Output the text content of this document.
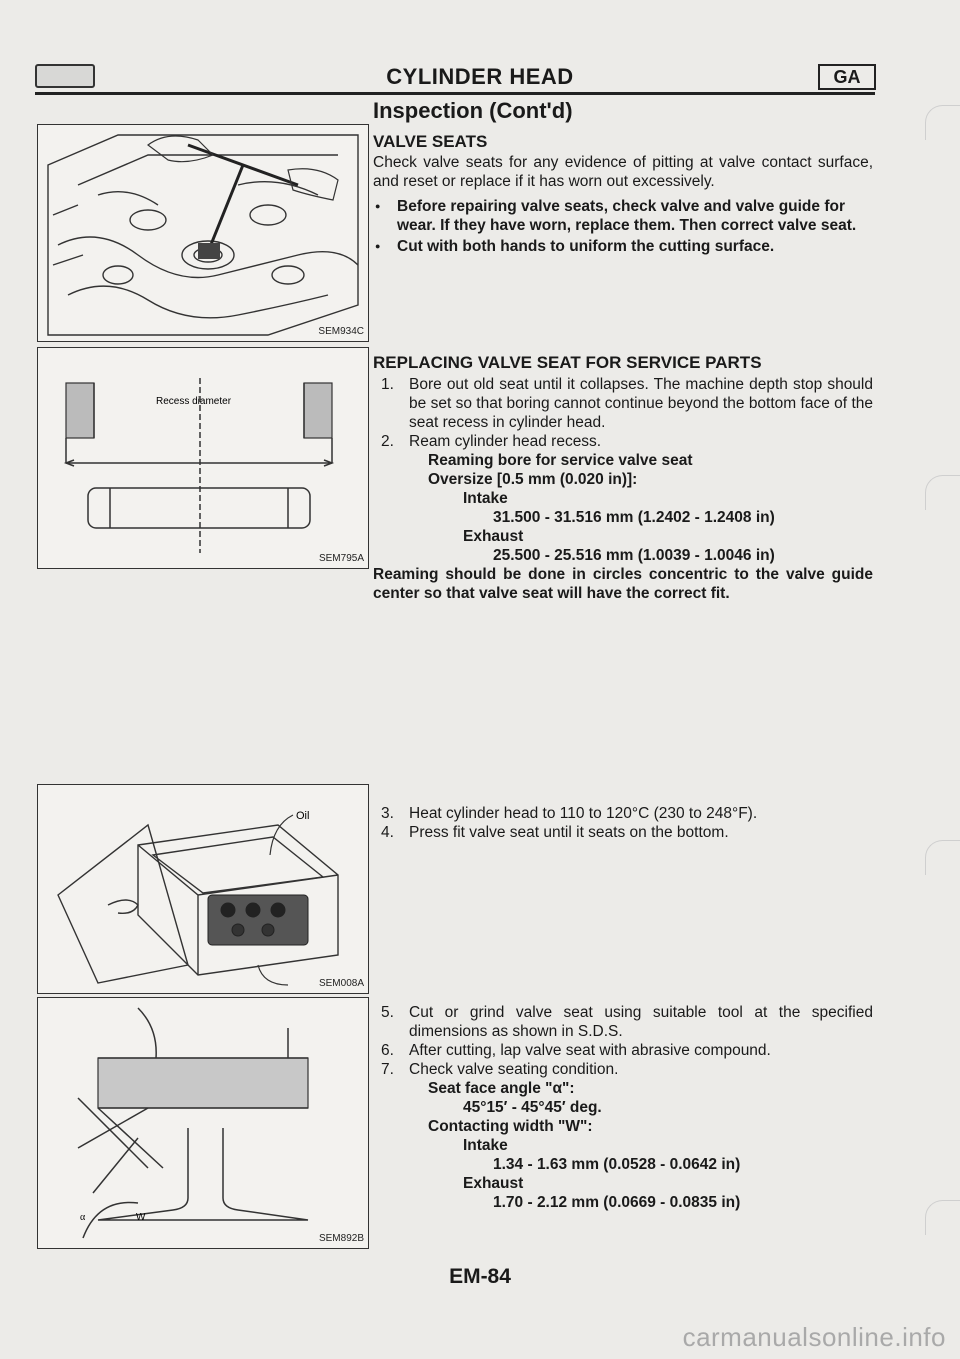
CYLINDER HEAD	GA
Inspection (Cont'd)
SEM934C
Recess diameter
SEM795A
Oil
SEM008A
α	W
SEM892B
VALVE SEATS
Check valve seats for any evidence of pitting at valve contact surface, and reset or replace if it has worn out excessively.
● Before repairing valve seats, check valve and valve guide for wear. If they have worn, replace them. Then correct valve seat.
● Cut with both hands to uniform the cutting surface.
REPLACING VALVE SEAT FOR SERVICE PARTS
1. Bore out old seat until it collapses. The machine depth stop should be set so that boring cannot continue beyond the bottom face of the seat recess in cylinder head.
2. Ream cylinder head recess.
Reaming bore for service valve seat
Oversize [0.5 mm (0.020 in)]:
Intake
31.500 - 31.516 mm (1.2402 - 1.2408 in)
Exhaust
25.500 - 25.516 mm (1.0039 - 1.0046 in)
Reaming should be done in circles concentric to the valve guide center so that valve seat will have the correct fit.
3. Heat cylinder head to 110 to 120°C (230 to 248°F).
4. Press fit valve seat until it seats on the bottom.
5. Cut or grind valve seat using suitable tool at the specified dimensions as shown in S.D.S.
6. After cutting, lap valve seat with abrasive compound.
7. Check valve seating condition.
Seat face angle "α":
45°15′ - 45°45′ deg.
Contacting width "W":
Intake
1.34 - 1.63 mm (0.0528 - 0.0642 in)
Exhaust
1.70 - 2.12 mm (0.0669 - 0.0835 in)
EM-84
carmanualsonline.info
